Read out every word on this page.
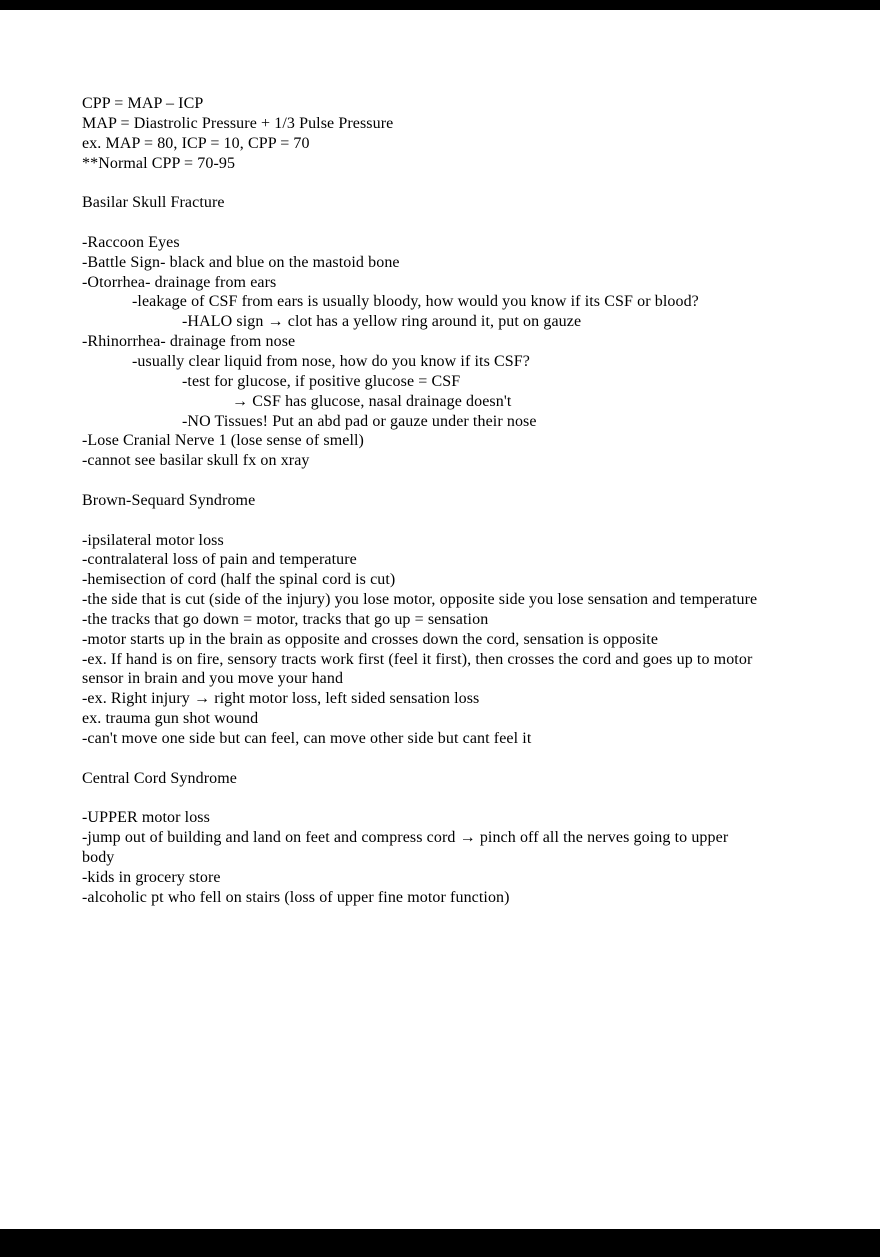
CPP = MAP – ICP
MAP = Diastrolic Pressure + 1/3 Pulse Pressure
ex. MAP = 80, ICP = 10, CPP = 70
**Normal CPP = 70-95
Basilar Skull Fracture
-Raccoon Eyes
-Battle Sign- black and blue on the mastoid bone
-Otorrhea- drainage from ears
-leakage of CSF from ears is usually bloody, how would you know if its CSF or blood?
-HALO sign → clot has a yellow ring around it, put on gauze
-Rhinorrhea- drainage from nose
-usually clear liquid from nose, how do you know if its CSF?
-test for glucose, if positive glucose = CSF
→ CSF has glucose, nasal drainage doesn't
-NO Tissues! Put an abd pad or gauze under their nose
-Lose Cranial Nerve 1 (lose sense of smell)
-cannot see basilar skull fx on xray
Brown-Sequard Syndrome
-ipsilateral motor loss
-contralateral loss of pain and temperature
-hemisection of cord (half the spinal cord is cut)
-the side that is cut (side of the injury) you lose motor, opposite side you lose sensation and temperature
-the tracks that go down = motor, tracks that go up = sensation
-motor starts up in the brain as opposite and crosses down the cord, sensation is opposite
-ex. If hand is on fire, sensory tracts work first (feel it first), then crosses the cord and goes up to motor
sensor in brain and you move your hand
-ex. Right injury → right motor loss, left sided sensation loss
ex. trauma gun shot wound
-can't move one side but can feel, can move other side but cant feel it
Central Cord Syndrome
-UPPER motor loss
-jump out of building and land on feet and compress cord → pinch off all the nerves going to upper
body
-kids in grocery store
-alcoholic pt who fell on stairs (loss of upper fine motor function)
